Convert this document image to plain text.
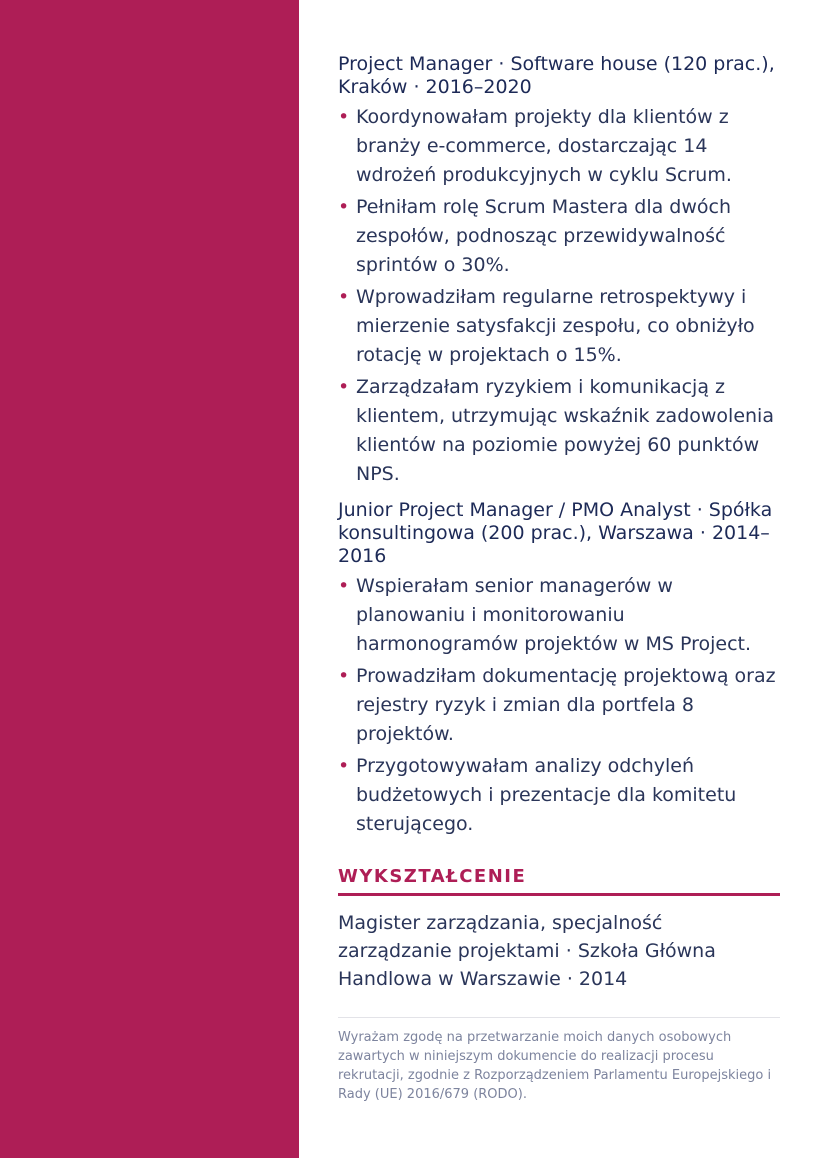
Project Manager · Software house (120 prac.), Kraków · 2016–2020
• Koordynowałam projekty dla klientów z branży e-commerce, dostarczając 14 wdrożeń produkcyjnych w cyklu Scrum.
• Pełniłam rolę Scrum Mastera dla dwóch zespołów, podnosząc przewidywalność sprintów o 30%.
• Wprowadziłam regularne retrospektywy i mierzenie satysfakcji zespołu, co obniżyło rotację w projektach o 15%.
• Zarządzałam ryzykiem i komunikacją z klientem, utrzymując wskaźnik zadowolenia klientów na poziomie powyżej 60 punktów NPS.
Junior Project Manager / PMO Analyst · Spółka konsultingowa (200 prac.), Warszawa · 2014–2016
• Wspierałam senior managerów w planowaniu i monitorowaniu harmonogramów projektów w MS Project.
• Prowadziłam dokumentację projektową oraz rejestry ryzyk i zmian dla portfela 8 projektów.
• Przygotowywałam analizy odchyleń budżetowych i prezentacje dla komitetu sterującego.
WYKSZTAŁCENIE
Magister zarządzania, specjalność zarządzanie projektami · Szkoła Główna Handlowa w Warszawie · 2014
Wyrażam zgodę na przetwarzanie moich danych osobowych zawartych w niniejszym dokumencie do realizacji procesu rekrutacji, zgodnie z Rozporządzeniem Parlamentu Europejskiego i Rady (UE) 2016/679 (RODO).
